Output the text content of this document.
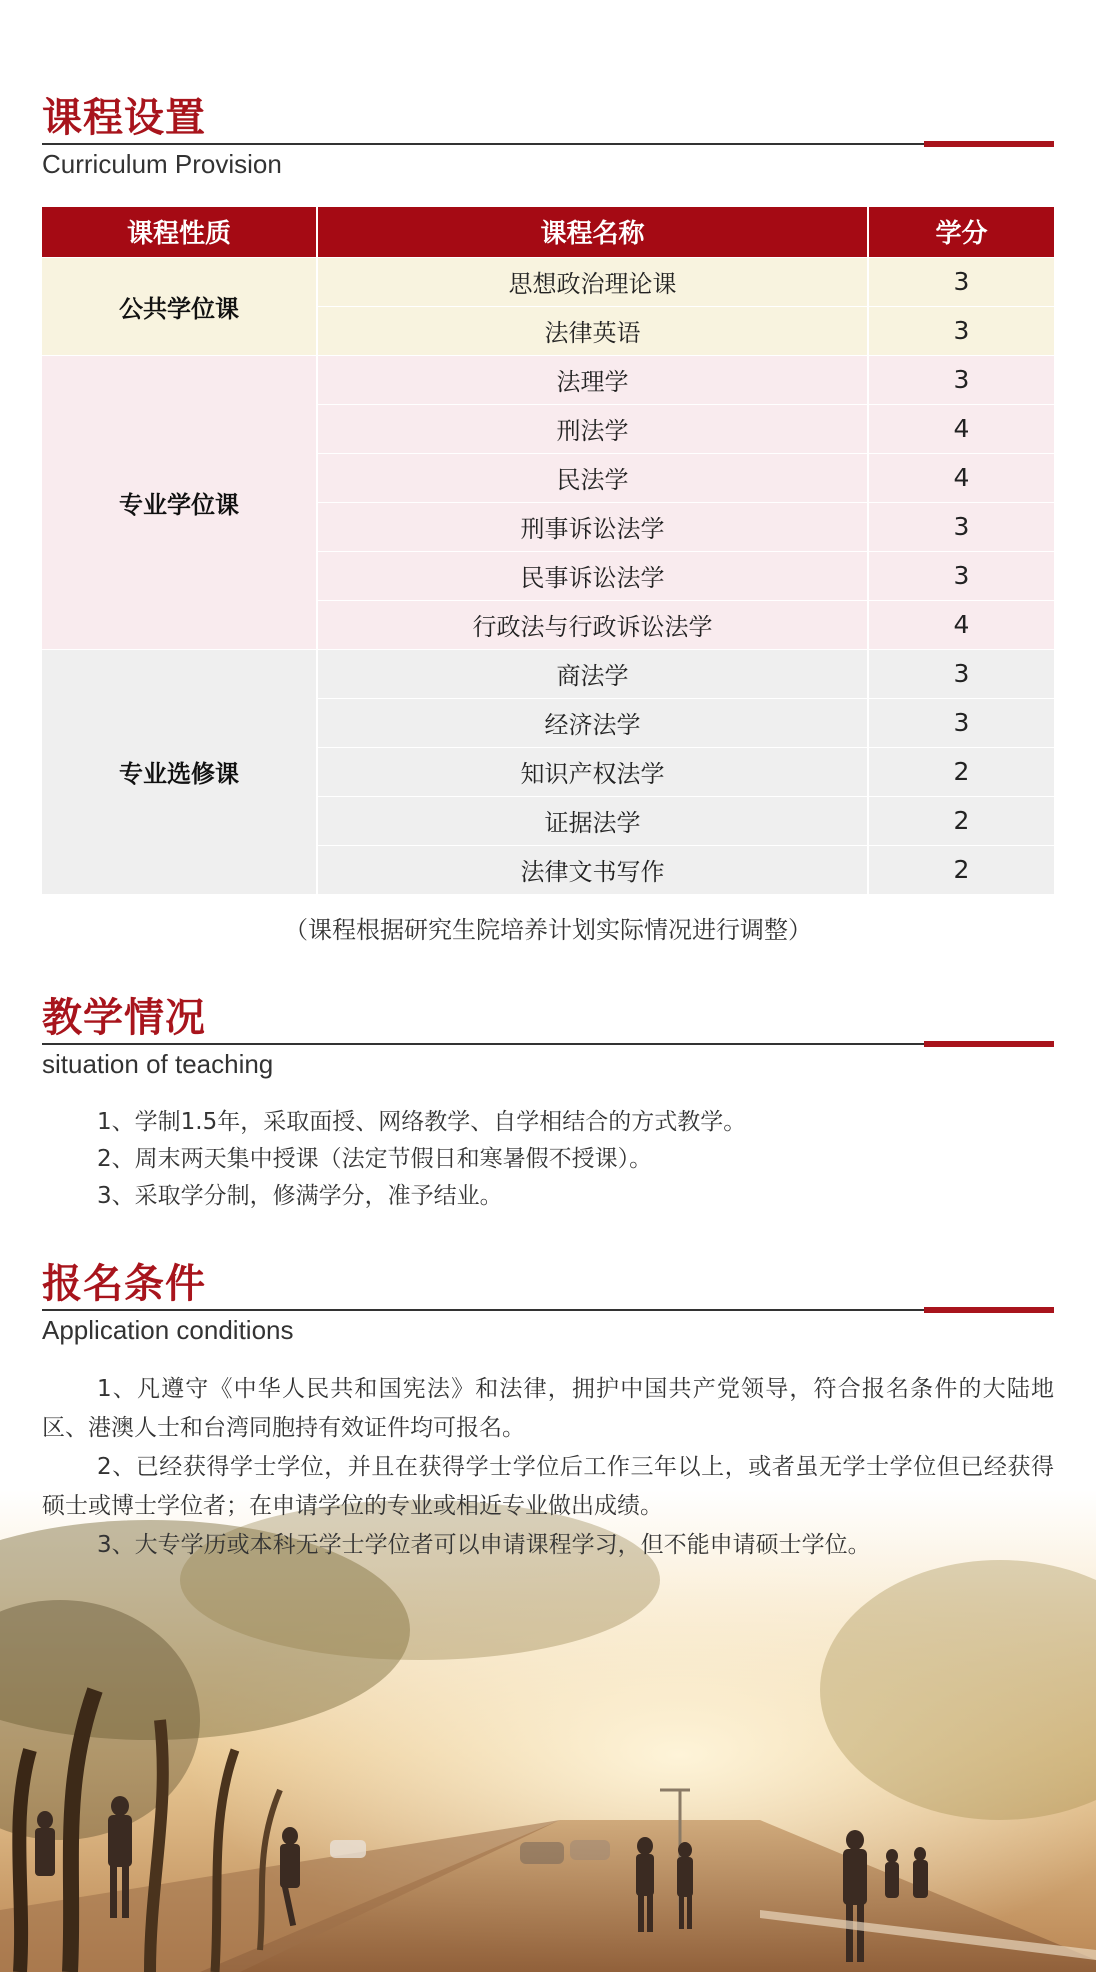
课程设置
Curriculum Provision
课程性质	课程名称	学分
公共学位课	思想政治理论课	3
	法律英语	3
专业学位课	法理学	3
	刑法学	4
	民法学	4
	刑事诉讼法学	3
	民事诉讼法学	3
	行政法与行政诉讼法学	4
专业选修课	商法学	3
	经济法学	3
	知识产权法学	2
	证据法学	2
	法律文书写作	2
（课程根据研究生院培养计划实际情况进行调整）
教学情况
situation of teaching

1、学制1.5年，采取面授、网络教学、自学相结合的方式教学。

2、周末两天集中授课（法定节假日和寒暑假不授课）。

3、采取学分制，修满学分，准予结业。

报名条件
Application conditions

1、凡遵守《中华人民共和国宪法》和法律，拥护中国共产党领导，符合报名条件的大陆地区、港澳人士和台湾同胞持有效证件均可报名。

2、已经获得学士学位，并且在获得学士学位后工作三年以上，或者虽无学士学位但已经获得硕士或博士学位者；在申请学位的专业或相近专业做出成绩。

3、大专学历或本科无学士学位者可以申请课程学习，但不能申请硕士学位。
